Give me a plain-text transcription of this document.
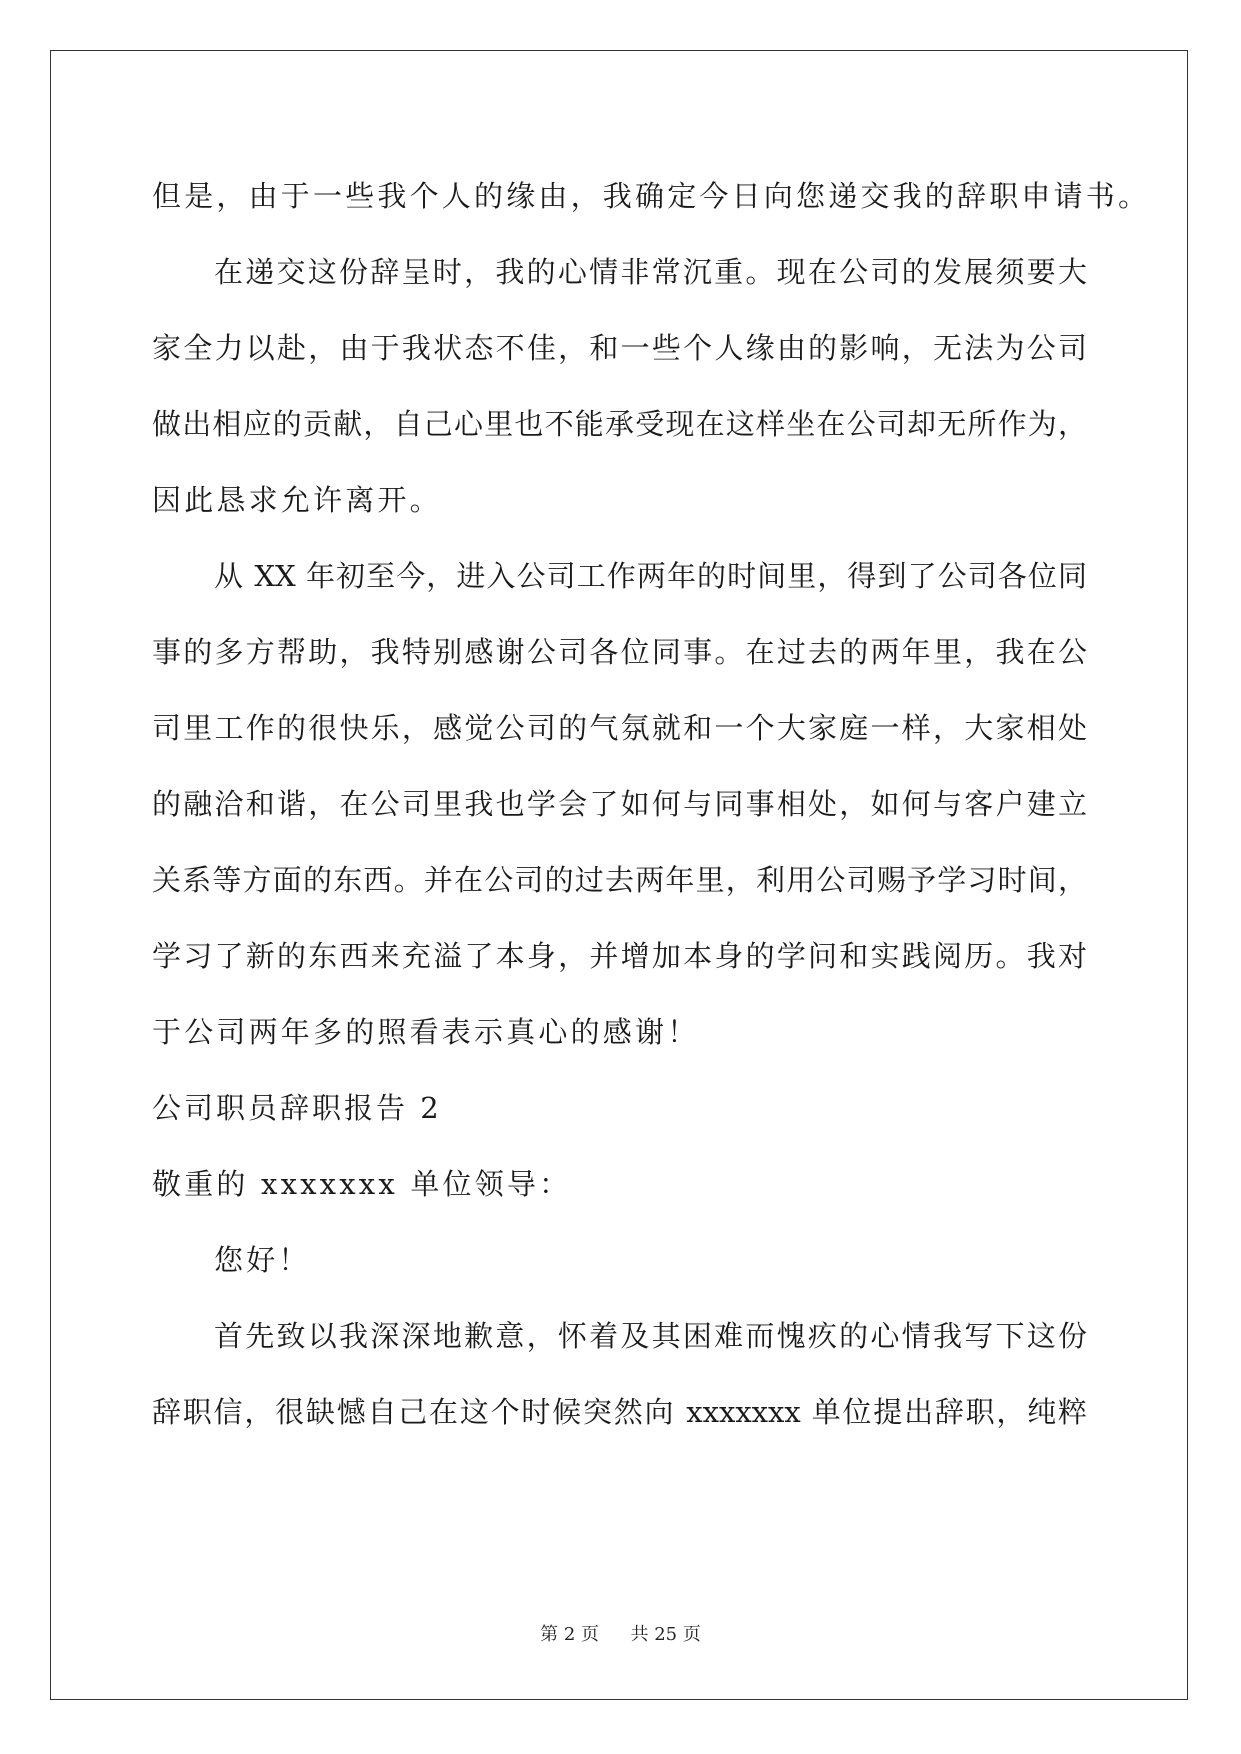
但是，由于一些我个人的缘由，我确定今日向您递交我的辞职申请书。
在递交这份辞呈时，我的心情非常沉重。现在公司的发展须要大
家全力以赴，由于我状态不佳，和一些个人缘由的影响，无法为公司
做出相应的贡献，自己心里也不能承受现在这样坐在公司却无所作为，
因此恳求允许离开。
从 XX 年初至今，进入公司工作两年的时间里，得到了公司各位同
事的多方帮助，我特别感谢公司各位同事。在过去的两年里，我在公
司里工作的很快乐，感觉公司的气氛就和一个大家庭一样，大家相处
的融洽和谐，在公司里我也学会了如何与同事相处，如何与客户建立
关系等方面的东西。并在公司的过去两年里，利用公司赐予学习时间，
学习了新的东西来充溢了本身，并增加本身的学问和实践阅历。我对
于公司两年多的照看表示真心的感谢！
公司职员辞职报告 2
敬重的 xxxxxxx 单位领导：
您好！
首先致以我深深地歉意，怀着及其困难而愧疚的心情我写下这份
辞职信，很缺憾自己在这个时候突然向 xxxxxxx 单位提出辞职，纯粹
第 2 页 共 25 页
